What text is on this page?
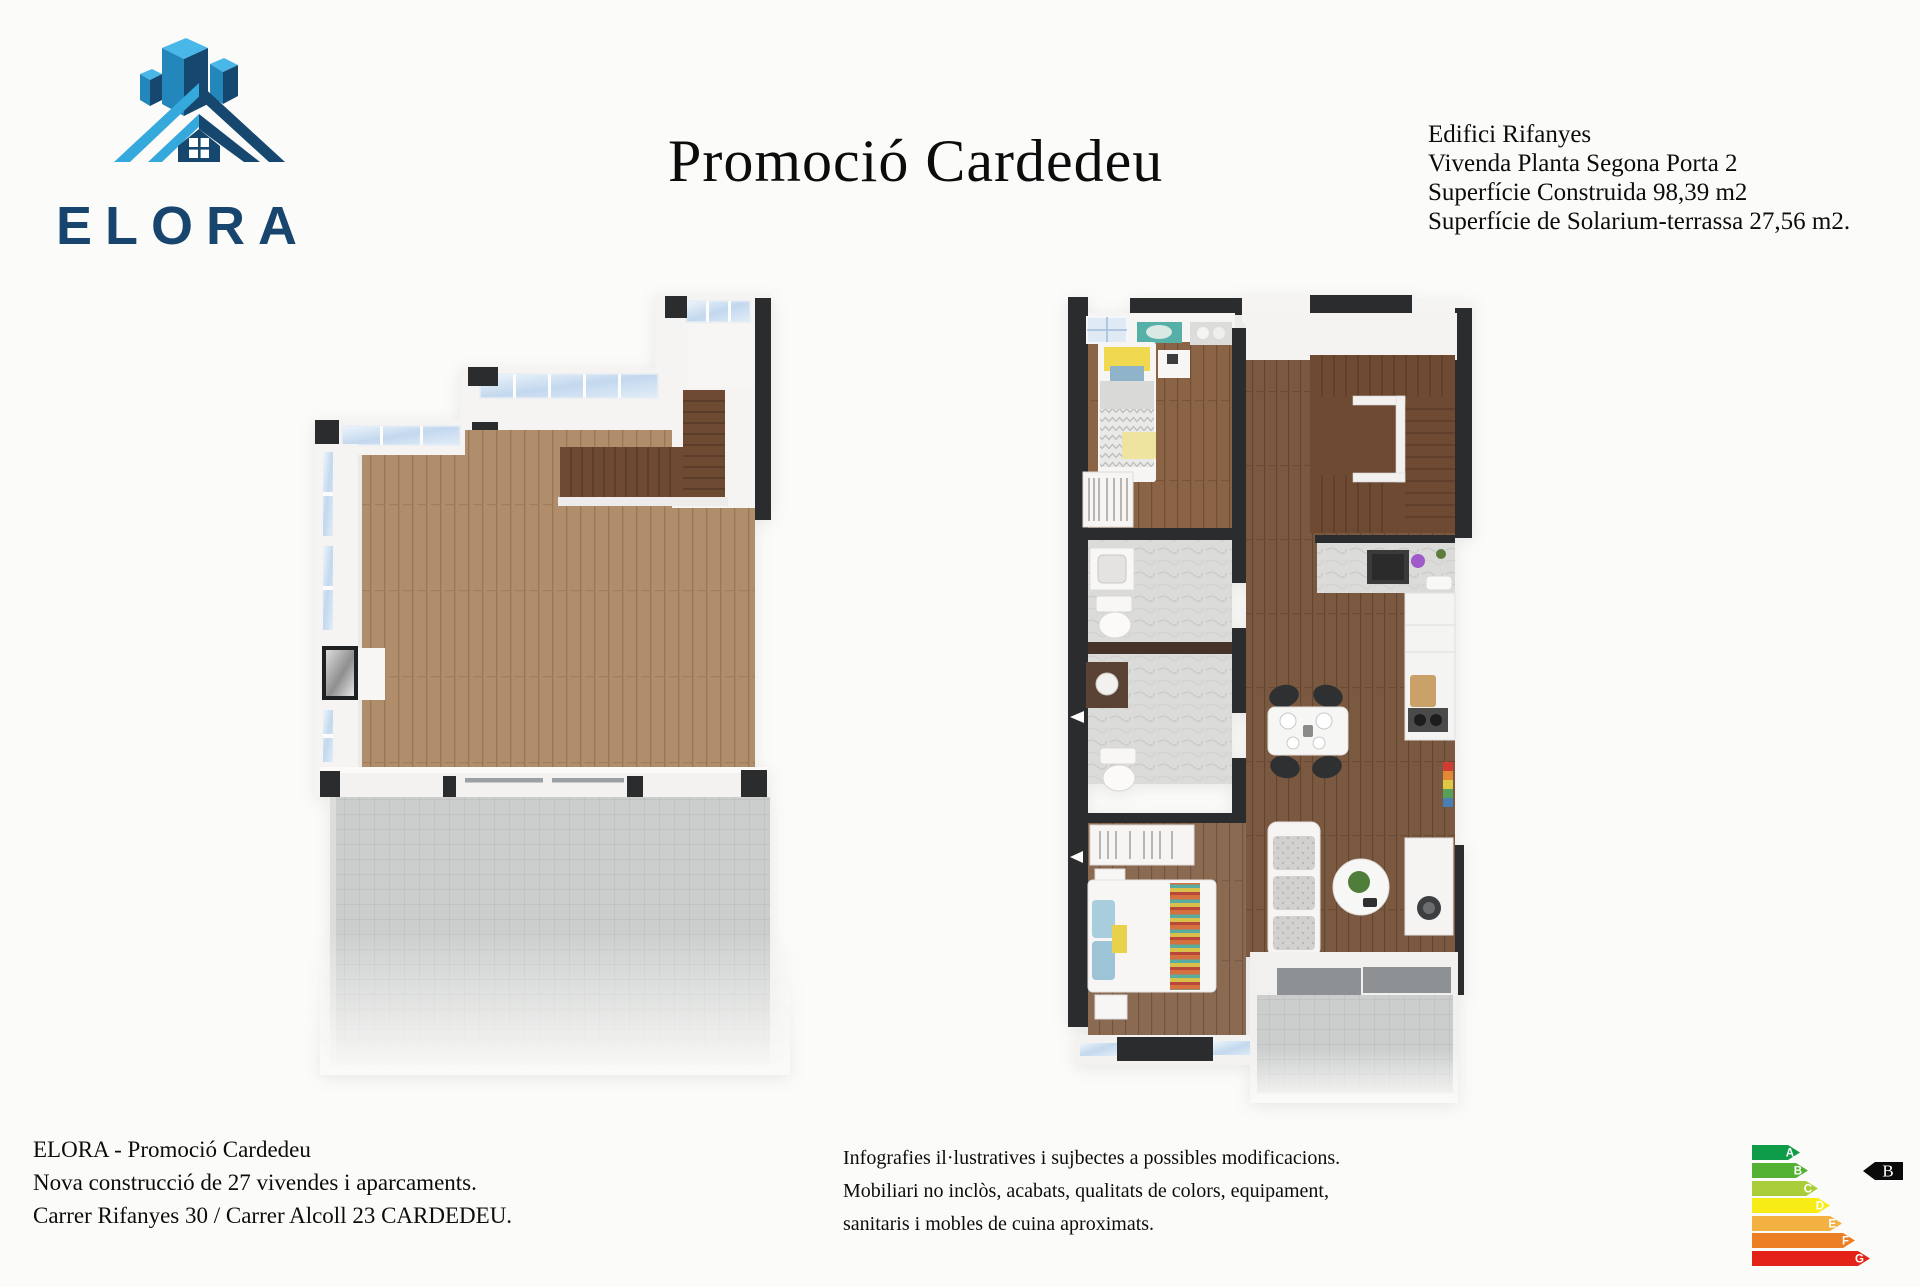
ELORA
Promoció Cardedeu	Edifici Rifanyes
Vivenda Planta Segona Porta 2
Superfície Construida 98,39 m2
Superfície de Solarium-terrassa 27,56 m2.
ELORA - Promoció Cardedeu
Nova construcció de 27 vivendes i aparcaments.
Carrer Rifanyes 30 / Carrer Alcoll 23 CARDEDEU.
Infografies il·lustratives i sujbectes a possibles modificacions.
Mobiliari no inclòs, acabats, qualitats de colors, equipament,
sanitaris i mobles de cuina aproximats.
A
B
C
D
E
F
G
B
